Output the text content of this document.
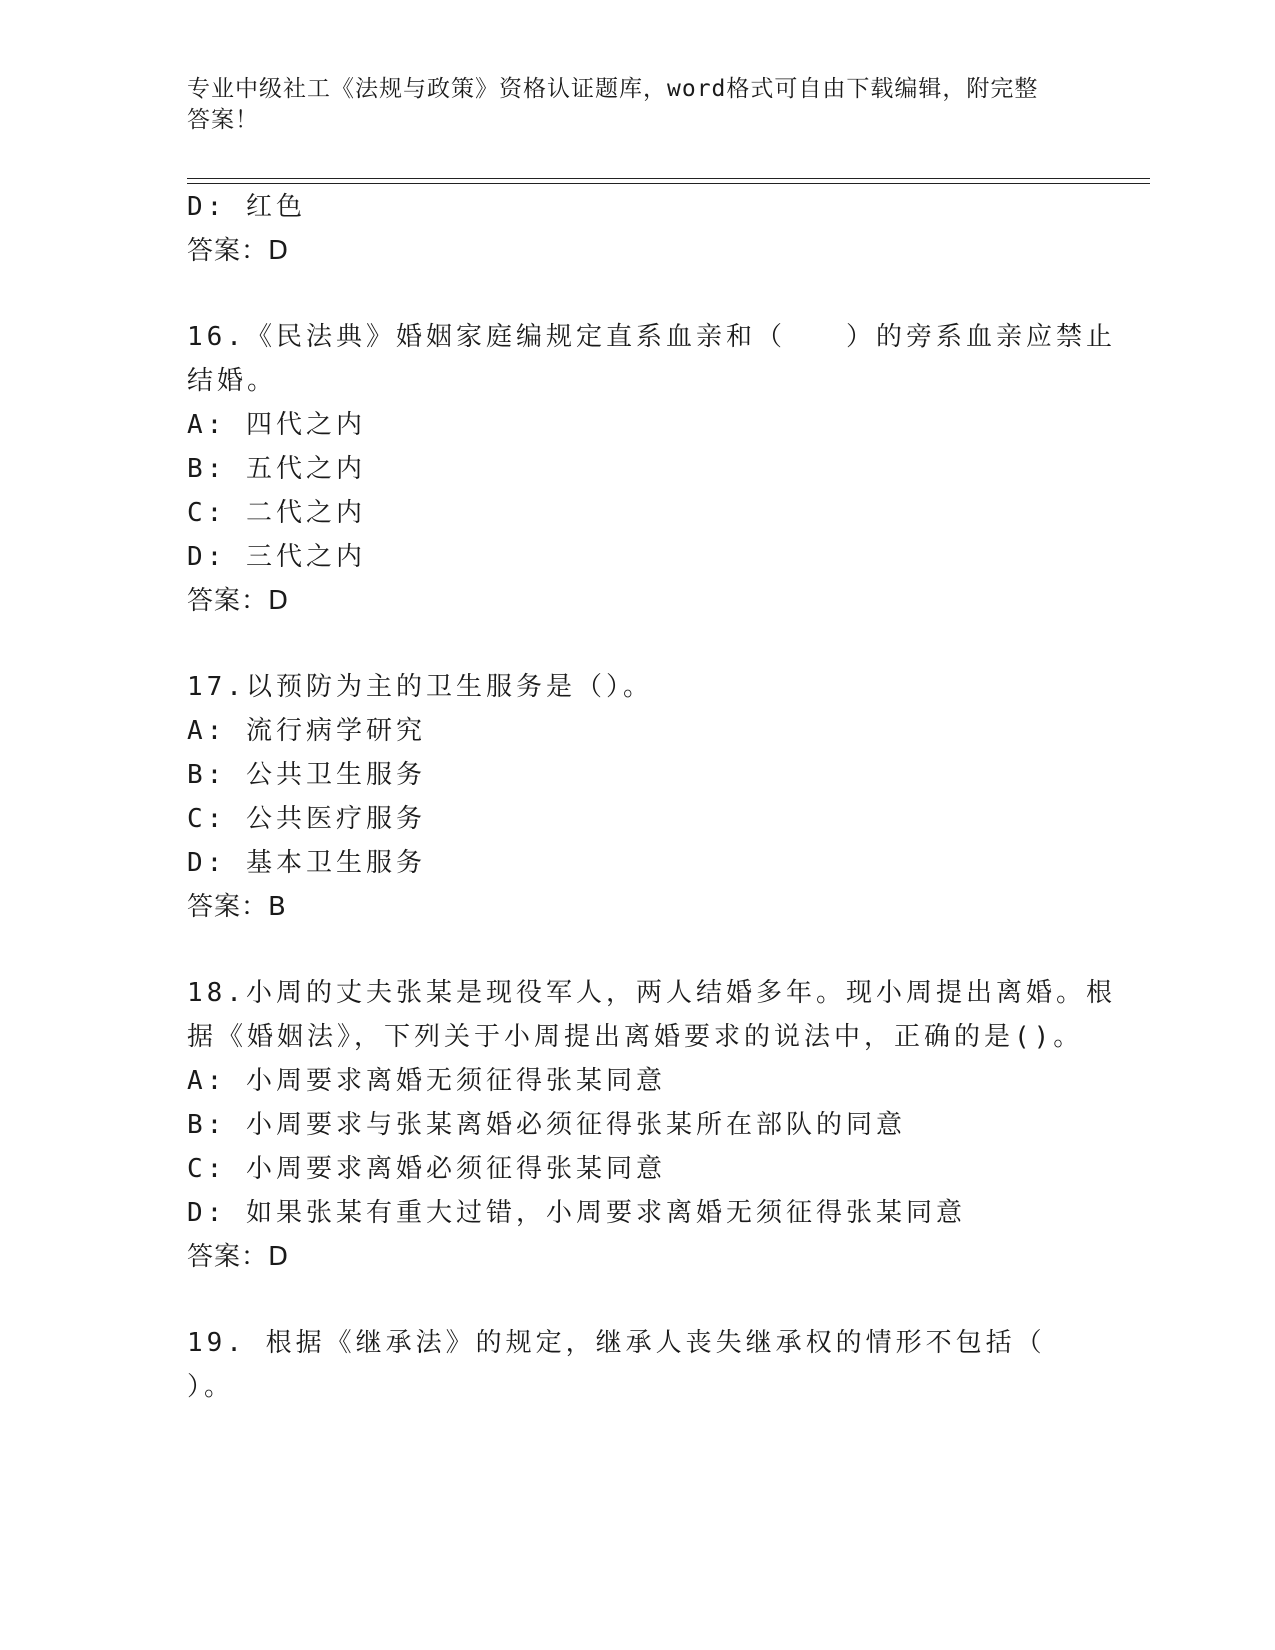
专业中级社工《法规与政策》资格认证题库，word格式可自由下载编辑，附完整
答案！
D: 红色
答案：D
16.《民法典》婚姻家庭编规定直系血亲和（　　）的旁系血亲应禁止
结婚。
A: 四代之内
B: 五代之内
C: 二代之内
D: 三代之内
答案：D
17.以预防为主的卫生服务是（）。
A: 流行病学研究
B: 公共卫生服务
C: 公共医疗服务
D: 基本卫生服务
答案：B
18.小周的丈夫张某是现役军人，两人结婚多年。现小周提出离婚。根
据《婚姻法》，下列关于小周提出离婚要求的说法中，正确的是()。
A: 小周要求离婚无须征得张某同意
B: 小周要求与张某离婚必须征得张某所在部队的同意
C: 小周要求离婚必须征得张某同意
D: 如果张某有重大过错，小周要求离婚无须征得张某同意
答案：D
19. 根据《继承法》的规定，继承人丧失继承权的情形不包括（
）。
